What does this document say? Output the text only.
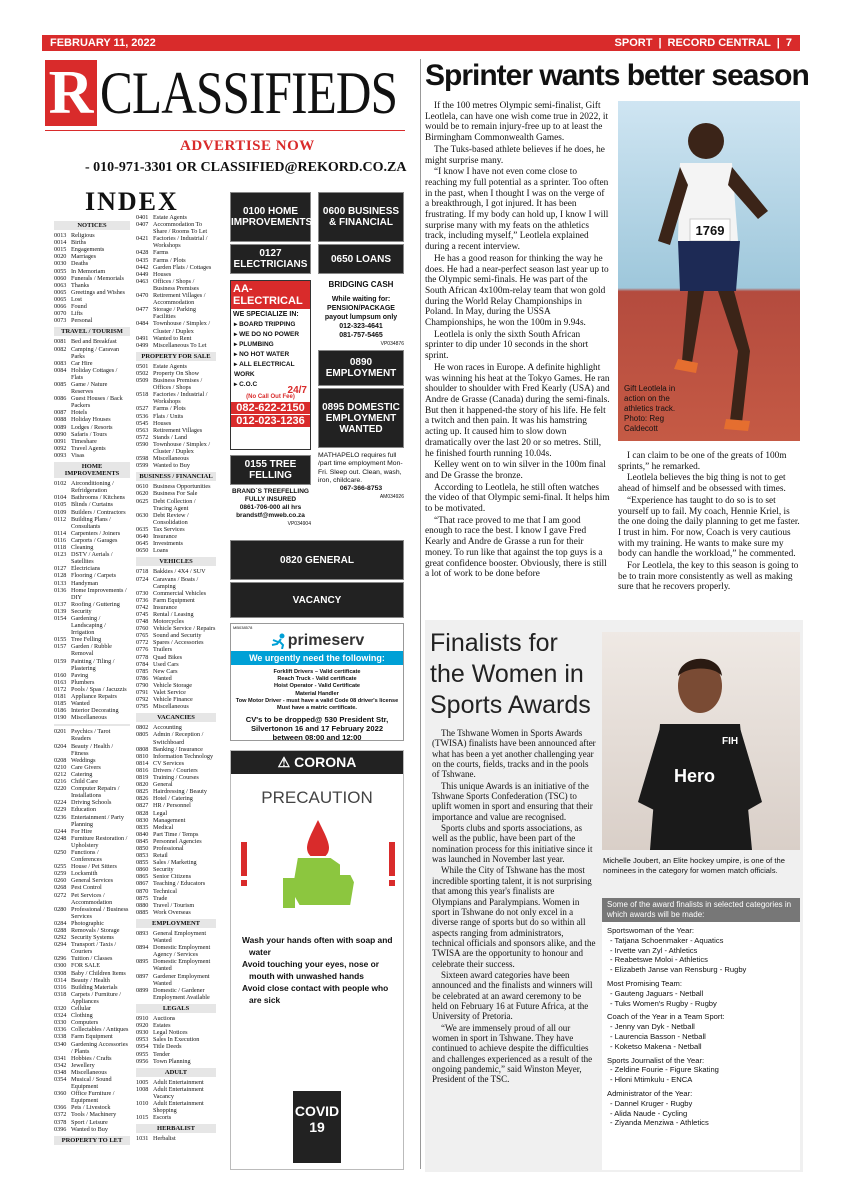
FEBRUARY 11, 2022	SPORT | RECORD CENTRAL | 7
R CLASSIFIEDS
ADVERTISE NOW
- 010-971-3301 OR CLASSIFIED@REKORD.CO.ZA
INDEX
NOTICES
0013 Religious
0014 Births
0015 Engagements
0020 Marriages
0030 Deaths
0055 In Memoriam
0060 Funerals / Memorials
0063 Thanks
0065 Greetings and Wishes
0065 Lost
0066 Found
0070 Lifts
0073 Personal
TRAVEL / TOURISM
0081 Bed and Breakfast
0082 Camping / Caravan Parks
0083 Car Hire
0084 Holiday Cottages / Flats
0085 Game / Nature Reserves
0086 Guest Houses / Back Packers
0087 Hotels
0088 Holiday Houses
0089 Lodges / Resorts
0090 Safaris / Tours
0091 Timeshare
0092 Travel Agents
0093 Visas
HOME IMPROVEMENTS
0102 Airconditioning / Refridgeration
0104 Bathrooms / Kitchens
0105 Blinds / Curtains
0109 Builders / Contractors
0112 Building Plans / Consultants
0114 Carpenters / Joiners
0116 Carports / Garages
0118 Cleaning
0123 DSTV / Aerials / Satellites
0127 Electricians
0128 Flooring / Carpets
0133 Handyman
0136 Home Improvements / DIY
0137 Roofing / Guttering
0139 Security
0154 Gardening / Landscaping / Irrigation
0155 Tree Felling
0157 Garden / Rubble Removal
0159 Painting / Tiling / Plastering
0160 Paving
0163 Plumbers
0172 Pools / Spas / Jacuzzis
0181 Appliance Repairs
0185 Wanted
0186 Interior Decorating
0190 Miscellaneous
0201 Psychics / Tarot Readers
0204 Beauty / Health / Fitness
0208 Weddings
0210 Care Givers
0212 Catering
0216 Child Care
0220 Computer Repairs / Installations
0224 Driving Schools
0229 Education
0236 Entertainment / Party Planning
0244 For Hire
0248 Furniture Restoration / Upholstery
0250 Functions / Conferences
0255 House / Pet Sitters
0259 Locksmith
0260 General Services
0268 Pest Control
0272 Pet Services / Accommodation
0280 Professional / Business Services
0284 Photographic
0288 Removals / Storage
0292 Security Systems
0294 Transport / Taxis / Couriers
0296 Tuition / Classes
0300 FOR SALE
0308 Baby / Children Items
0314 Beauty / Health
0316 Building Materials
0318 Carpets / Furniture / Appliances
0320 Cellular
0324 Clothing
0330 Computers
0336 Collectables / Antiques
0338 Farm Equipment
0340 Gardening Accessories / Plants
0341 Hobbies / Crafts
0342 Jewellery
0348 Miscellaneous
0354 Musical / Sound Equipment
0360 Office Furniture / Equipment
0366 Pets / Livestock
0372 Tools / Machinery
0378 Sport / Leisure
0396 Wanted to Buy
PROPERTY TO LET
0401 Estate Agents
0407 Accommodation To Share / Rooms To Let
0421 Factories / Industrial / Workshops
0428 Farms
0435 Farms / Plots
0442 Garden Flats / Cottages
0449 Houses
0463 Offices / Shops / Business Premises
0470 Retirement Villages / Accommodation
0477 Storage / Parking Facilities
0484 Townhouse / Simplex / Cluster / Duplex
0491 Wanted to Rent
0499 Miscellaneous To Let
PROPERTY FOR SALE
0501 Estate Agents
0502 Property On Show
0509 Business Premises / Offices / Shops
0518 Factories / Industrial / Workshops
0527 Farms / Plots
0536 Flats / Units
0545 Houses
0563 Retirement Villages
0572 Stands / Land
0590 Townhouse / Simplex / Cluster / Duplex
0598 Miscellaneous
0599 Wanted to Buy
BUSINESS / FINANCIAL
0610 Business Opportunities
0620 Business For Sale
0625 Debt Collection / Tracing Agent
0630 Debt Review / Consolidation
0635 Tax Services
0640 Insurance
0645 Investments
0650 Loans
VEHICLES
0718 Bakkies / 4X4 / SUV
0724 Caravans / Boats / Camping
0730 Commercial Vehicles
0736 Farm Equipment
0742 Insurance
0745 Rental / Leasing
0748 Motorcycles
0760 Vehicle Service / Repairs
0765 Sound and Security
0772 Spares / Accessories
0776 Trailers
0778 Quad Bikes
0784 Used Cars
0785 New Cars
0786 Wanted
0790 Vehicle Storage
0791 Valet Service
0792 Vehicle Finance
0795 Miscellaneous
VACANCIES
0802 Accounting
0805 Admin / Reception / Switchboard
0808 Banking / Insurance
0810 Information Technology
0814 CV Services
0816 Drivers / Couriers
0819 Training / Courses
0820 General
0825 Hairdressing / Beauty
0826 Hotel / Catering
0827 HR / Personnel
0828 Legal
0830 Management
0835 Medical
0840 Part Time / Temps
0845 Personnel Agencies
0850 Professional
0853 Retail
0855 Sales / Marketing
0860 Security
0865 Senior Citizens
0867 Teaching / Educators
0870 Technical
0875 Trade
0880 Travel / Tourism
0885 Work Overseas
EMPLOYMENT
0893 General Employment Wanted
0894 Domestic Employment Agency / Services
0895 Domestic Employment Wanted
0897 Gardener Employment Wanted
0899 Domestic / Gardener Employment Available
LEGALS
0910 Auctions
0920 Estates
0930 Legal Notices
0953 Sales In Execution
0954 Title Deeds
0955 Tender
0956 Town Planning
ADULT
1005 Adult Entertainment
1008 Adult Entertainment Vacancy
1010 Adult Entertainment Shopping
1015 Escorts
HERBALIST
1031 Herbalist
0100 HOME IMPROVEMENTS
0600 BUSINESS & FINANCIAL
0127 ELECTRICIANS	0650 LOANS
AA-ELECTRICAL
WE SPECIALIZE IN:
▸ BOARD TRIPPING
▸ WE DO NO POWER
▸ PLUMBING
▸ NO HOT WATER
▸ ALL ELECTRICAL WORK
▸ C.O.C
24/7
(No Call Out Fee)
082-622-2150
012-023-1236
BRIDGING CASH
While waiting for:
PENSION/PACKAGE
payout lumpsum only
012-323-4641
081-757-5465
VP034876
0890 EMPLOYMENT
0895 DOMESTIC EMPLOYMENT WANTED
0155 TREE FELLING
BRAND`S TREEFELLING
FULLY INSURED
0861-706-000 all hrs
brandstf@mweb.co.za
VP034904
MATHAPELO requires full /part time employment Mon-Fri. Sleep out. Clean, wash, iron, childcare.
067-366-8753
AM034926
0820 GENERAL
VACANCY
MB038578
primeserv
We urgently need the following:
Forklift Drivers – Valid certificate
Reach Truck - Valid certificate
Hoist Operator - Valid Certificate
Material Handler
Tow Motor Driver - must have a valid Code 08 driver's license
Must have a matric certificate.
CV's to be dropped@ 530 President Str, Silvertonon 16 and 17 February 2022 between 08:00 and 12:00
⚠ CORONA
PRECAUTION
Wash your hands often with soap and water
Avoid touching your eyes, nose or mouth with unwashed hands
Avoid close contact with people who are sick
COVID19
Sprinter wants better season

If the 100 metres Olympic semi-finalist, Gift Leotlela, can have one wish come true in 2022, it would be to remain injury-free up to at least the Birmingham Commonwealth Games.

The Tuks-based athlete believes if he does, he might surprise many.

“I know I have not even come close to reaching my full potential as a sprinter. Too often in the past, when I thought I was on the verge of a breakthrough, I got injured. It has been frustrating. If my body can hold up, I know I will surprise many with my feats on the athletics track, including myself,” Leotlela explained during a recent interview.

He has a good reason for thinking the way he does. He had a near-perfect season last year up to the Olympic semi-finals. He was part of the South African 4x100m-relay team that won gold during the World Relay Championships in Poland. In May, during the USSA Championships, he won the 100m in 9.94s.

Leotlela is only the sixth South African sprinter to dip under 10 seconds in the short sprint.

He won races in Europe. A definite highlight was winning his heat at the Tokyo Games. He ran shoulder to shoulder with Fred Kearly (USA) and Andre de Grasse (Canada) during the semi-finals. But then it happened-the story of his life. He felt a twitch and then pain. It was his hamstring acting up. It caused him to slow down dramatically over the last 20 or so metres. Still, he finished fourth running 10.04s.

Kelley went on to win silver in the 100m final and De Grasse the bronze.

According to Leotlela, he still often watches the video of that Olympic semi-final. It helps him to be motivated.

“That race proved to me that I am good enough to race the best. I know I gave Fred Kearly and Andre de Grasse a run for their money. To run like that against the top guys is a great confidence booster. Obviously, there is still a lot of work to be done before

1769
Gift Leotlela in action on the athletics track. Photo: Reg Caldecott

I can claim to be one of the greats of 100m sprints,” he remarked.

Leotlela believes the big thing is not to get ahead of himself and be obsessed with times.

“Experience has taught to do so is to set yourself up to fail. My coach, Hennie Kriel, is the one doing the daily planning to get me faster. I trust in him. For now, Coach is very cautious with my training. He wants to make sure my body can handle the workload,” he commented.

For Leotlela, the key to this season is going to be to train more consistently as well as making sure that he recovers properly.

Finalists for the Women in Sports Awards

The Tshwane Women in Sports Awards (TWISA) finalists have been announced after what has been a yet another challenging year on the courts, fields, tracks and in the pools of Tshwane.

This unique Awards is an initiative of the Tshwane Sports Confederation (TSC) to uplift women in sport and ensuring that their importance and value are recognised.

Sports clubs and sports associations, as well as the public, have been part of the nomination process for this initiative since it was launched in November last year.

While the City of Tshwane has the most incredible sporting talent, it is not surprising that among this year's finalists are Olympians and Paralympians. Women in sport in Tshwane do not only excel in a diverse range of sports but do so within all aspects ranging from administrators, technical officials and sponsors alike, and the TWISA are the opportunity to honour and celebrate their success.

Sixteen award categories have been announced and the finalists and winners will be celebrated at an award ceremony to be held on February 16 at Future Africa, at the University of Pretoria.

“We are immensely proud of all our women in sport in Tshwane. They have continued to achieve despite the difficulties and challenges experienced as a result of the ongoing pandemic,” said Winston Meyer, President of the TSC.

FIH
Hero
Michelle Joubert, an Elite hockey umpire, is one of the nominees in the category for women match officials.
Some of the award finalists in selected categories in which awards will be made:
Sportswoman of the Year:
- Tatjana Schoenmaker - Aquatics
- Irvette van Zyl - Athletics
- Reabetswe Moloi - Athletics
- Elizabeth Janse van Rensburg - Rugby
Most Promising Team:
- Gauteng Jaguars - Netball
- Tuks Women's Rugby - Rugby
Coach of the Year in a Team Sport:
- Jenny van Dyk - Netball
- Laurencia Basson - Netball
- Koketso Makena - Netball
Sports Journalist of the Year:
- Zeldine Fourie - Figure Skating
- Hloni Mtimkulu - ENCA
Administrator of the Year:
- Dannel Kruger - Rugby
- Alida Naude - Cycling
- Ziyanda Menziwa - Athletics
